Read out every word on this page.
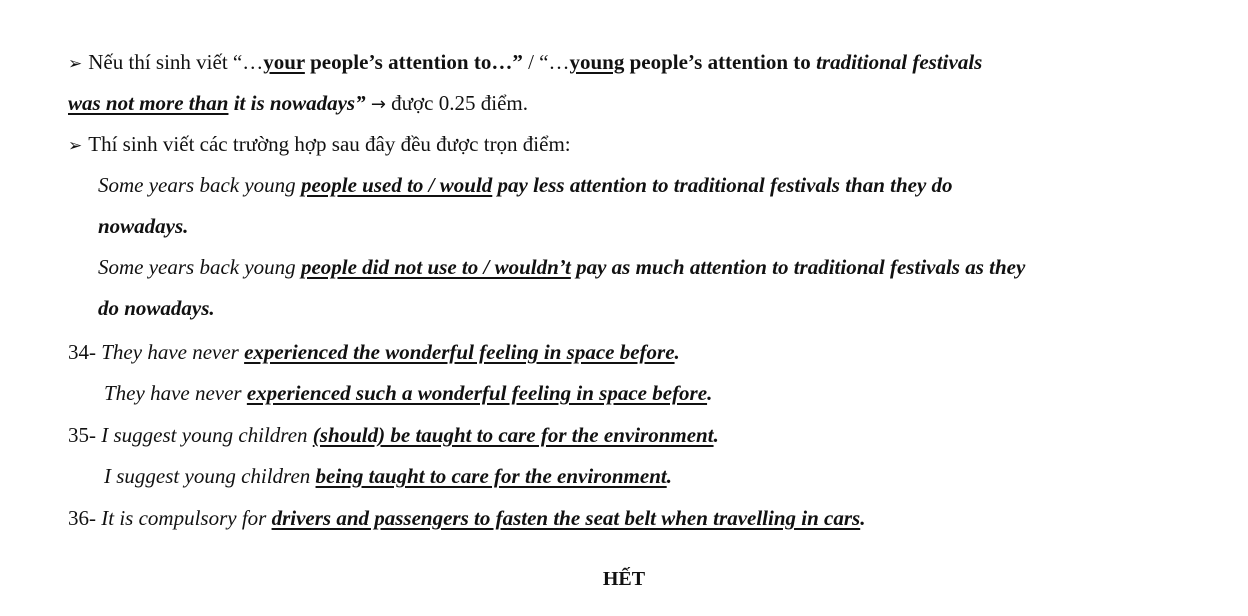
➢ Nếu thí sinh viết “…your people’s attention to…” / “…young people’s attention to traditional festivals
was not more than it is nowadays” → được 0.25 điểm.
➢ Thí sinh viết các trường hợp sau đây đều được trọn điểm:
Some years back young people used to / would pay less attention to traditional festivals than they do
nowadays.
Some years back young people did not use to / wouldn’t pay as much attention to traditional festivals as they
do nowadays.
34- They have never experienced the wonderful feeling in space before.
They have never experienced such a wonderful feeling in space before.
35- I suggest young children (should) be taught to care for the environment.
I suggest young children being taught to care for the environment.
36- It is compulsory for drivers and passengers to fasten the seat belt when travelling in cars.
HẾT
